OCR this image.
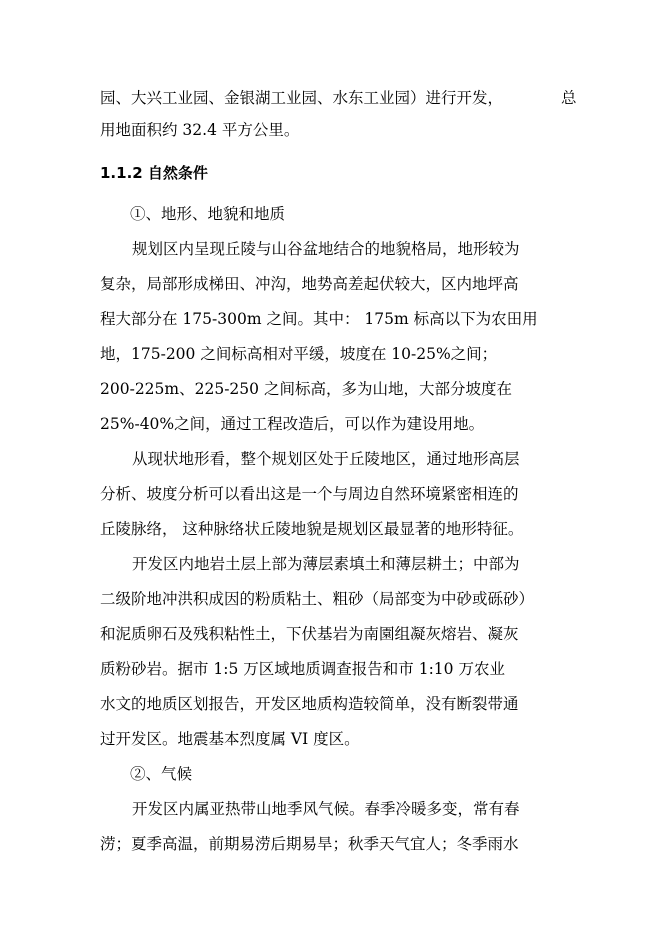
园、大兴工业园、金银湖工业园、水东工业园）进行开发，	总
用地面积约 32.4 平方公里。
1.1.2 自然条件
①、地形、地貌和地质
规划区内呈现丘陵与山谷盆地结合的地貌格局，地形较为
复杂，局部形成梯田、冲沟，地势高差起伏较大，区内地坪高
程大部分在 175-300m 之间。其中： 175m 标高以下为农田用
地，175-200 之间标高相对平缓，坡度在 10-25%之间；
200-225m、225-250 之间标高，多为山地，大部分坡度在
25%-40%之间，通过工程改造后，可以作为建设用地。
从现状地形看，整个规划区处于丘陵地区，通过地形高层
分析、坡度分析可以看出这是一个与周边自然环境紧密相连的
丘陵脉络， 这种脉络状丘陵地貌是规划区最显著的地形特征。
开发区内地岩土层上部为薄层素填土和薄层耕土；中部为
二级阶地冲洪积成因的粉质粘土、粗砂（局部变为中砂或砾砂）
和泥质卵石及残积粘性土，下伏基岩为南園组凝灰熔岩、凝灰
质粉砂岩。据市 1:5 万区域地质调查报告和市 1:10 万农业
水文的地质区划报告，开发区地质构造较简单，没有断裂带通
过开发区。地震基本烈度属 VI 度区。
②、气候
开发区内属亚热带山地季风气候。春季冷暖多变，常有春
涝；夏季高温，前期易涝后期易旱；秋季天气宜人；冬季雨水
